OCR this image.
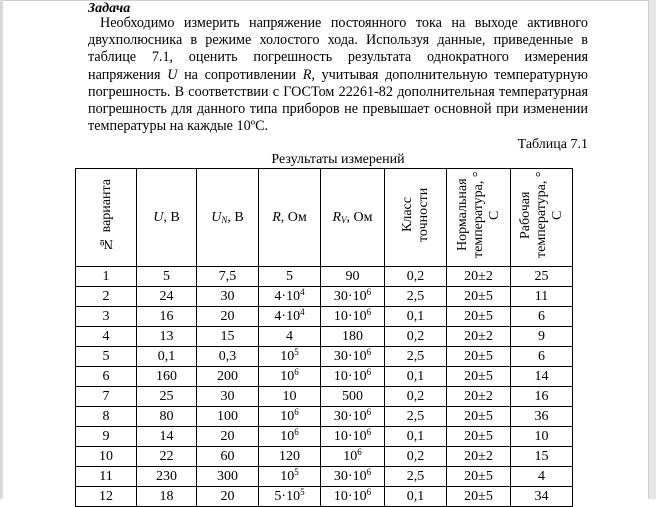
Задача

Необходимо измерить напряжение постоянного тока на выходе активного двухполюсника в режиме холостого хода. Используя данные, приведенные в таблице 7.1, оценить погрешность результата однократного измерения напряжения U на сопротивлении R, учитывая дополнительную температурную погрешность. В соответствии с ГОСТом 22261-82 дополнительная температурная погрешность для данного типа приборов не превышает основной при изменении температуры на каждые 10ºC.

Таблица 7.1
Результаты измерений
№ варианта	U, В	$U_N$, В	R, Ом	$R_V$, Ом	Класс точности	Нормальная температура, ° С	Рабочая температура, ° С
1	5	7,5	5	90	0,2	20±2	25
2	24	30	$4\cdot 10^4$	$30\cdot 10^6$	2,5	20±5	11
3	16	20	$4\cdot 10^4$	$10\cdot 10^6$	0,1	20±5	6
4	13	15	4	180	0,2	20±2	9
5	0,1	0,3	$10^5$	$30\cdot 10^6$	2,5	20±5	6
6	160	200	$10^6$	$10\cdot 10^6$	0,1	20±5	14
7	25	30	10	500	0,2	20±2	16
8	80	100	$10^6$	$30\cdot 10^6$	2,5	20±5	36
9	14	20	$10^6$	$10\cdot 10^6$	0,1	20±5	10
10	22	60	120	$10^6$	0,2	20±2	15
11	230	300	$10^5$	$30\cdot 10^6$	2,5	20±5	4
12	18	20	$5\cdot 10^5$	$10\cdot 10^6$	0,1	20±5	34
